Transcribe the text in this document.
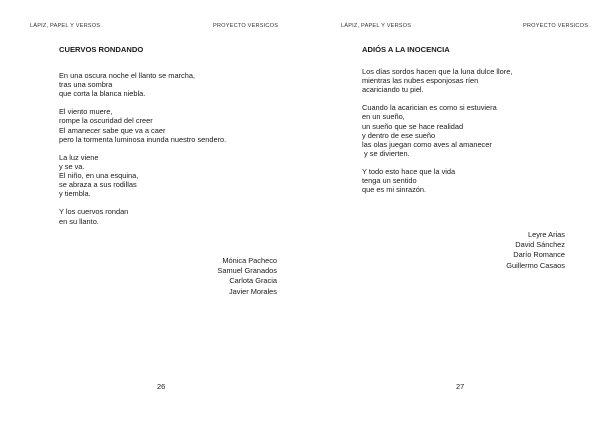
LÁPIZ, PAPEL Y VERSOS	PROYECTO VERSICOS
CUERVOS RONDANDO
En una oscura noche el llanto se marcha,
tras una sombra
que corta la blanca niebla.
El viento muere,
rompe la oscuridad del creer
El amanecer sabe que va a caer
pero la tormenta luminosa inunda nuestro sendero.
La luz viene
y se va.
El niño, en una esquina,
se abraza a sus rodillas
y tiembla.
Y los cuervos rondan
en su llanto.
Mónica Pacheco
Samuel Granados
Carlota Gracia
Javier Morales
26
LÁPIZ, PAPEL Y VERSOS	PROYECTO VERSICOS
ADIÓS A LA INOCENCIA
Los días sordos hacen que la luna dulce llore,
mientras las nubes esponjosas ríen
acariciando tu piel.
Cuando la acarician es como si estuviera
en un sueño,
un sueño que se hace realidad
y dentro de ese sueño
las olas juegan como aves al amanecer
y se divierten.
Y todo esto hace que la vida
tenga un sentido
que es mi sinrazón.
Leyre Arias
David Sánchez
Darío Romance
Guillermo Casaos
27
